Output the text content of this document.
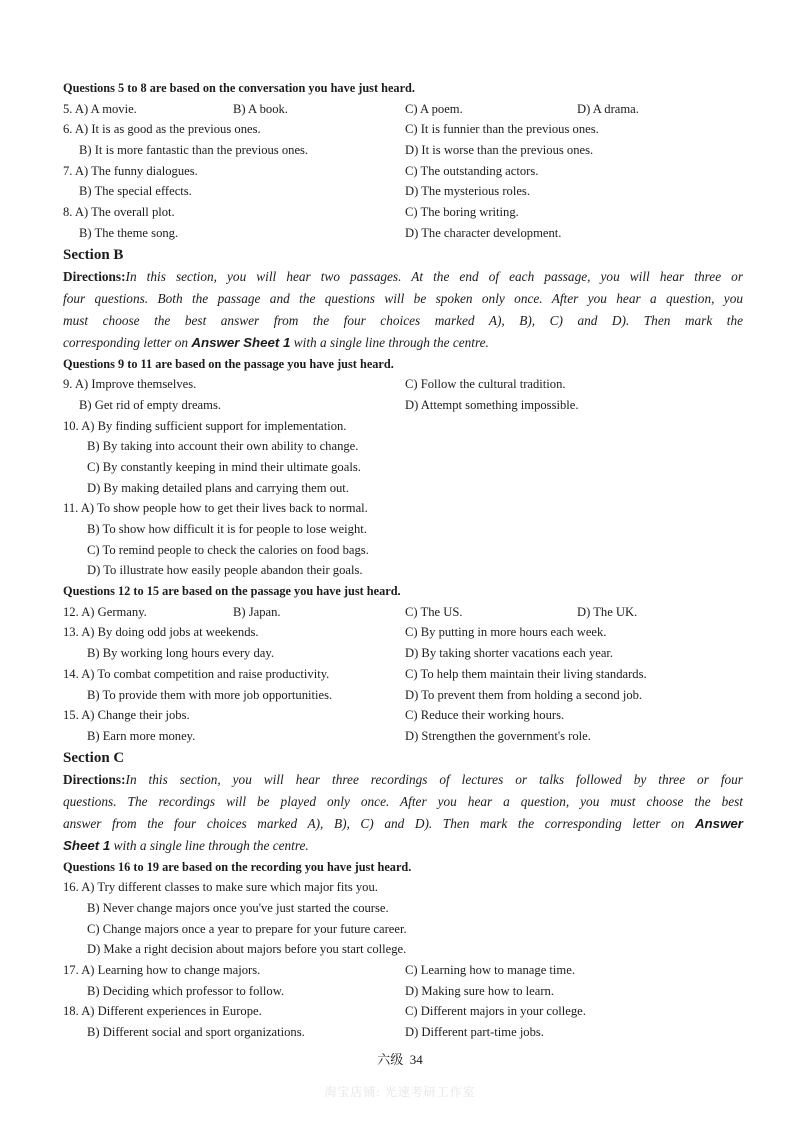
Questions 5 to 8 are based on the conversation you have just heard.
5. A) A movie.	B) A book.	C) A poem.	D) A drama.
6. A) It is as good as the previous ones.	C) It is funnier than the previous ones.
B) It is more fantastic than the previous ones.	D) It is worse than the previous ones.
7. A) The funny dialogues.	C) The outstanding actors.
B) The special effects.	D) The mysterious roles.
8. A) The overall plot.	C) The boring writing.
B) The theme song.	D) The character development.
Section B
Directions:In this section, you will hear two passages. At the end of each passage, you will hear three or
four questions. Both the passage and the questions will be spoken only once. After you hear a question, you
must choose the best answer from the four choices marked A), B), C) and D). Then mark the
corresponding letter on Answer Sheet 1 with a single line through the centre.
Questions 9 to 11 are based on the passage you have just heard.
9. A) Improve themselves.	C) Follow the cultural tradition.
B) Get rid of empty dreams.	D) Attempt something impossible.
10. A) By finding sufficient support for implementation.
B) By taking into account their own ability to change.
C) By constantly keeping in mind their ultimate goals.
D) By making detailed plans and carrying them out.
11. A) To show people how to get their lives back to normal.
B) To show how difficult it is for people to lose weight.
C) To remind people to check the calories on food bags.
D) To illustrate how easily people abandon their goals.
Questions 12 to 15 are based on the passage you have just heard.
12. A) Germany.	B) Japan.	C) The US.	D) The UK.
13. A) By doing odd jobs at weekends.	C) By putting in more hours each week.
B) By working long hours every day.	D) By taking shorter vacations each year.
14. A) To combat competition and raise productivity.	C) To help them maintain their living standards.
B) To provide them with more job opportunities.	D) To prevent them from holding a second job.
15. A) Change their jobs.	C) Reduce their working hours.
B) Earn more money.	D) Strengthen the government's role.
Section C
Directions:In this section, you will hear three recordings of lectures or talks followed by three or four
questions. The recordings will be played only once. After you hear a question, you must choose the best
answer from the four choices marked A), B), C) and D). Then mark the corresponding letter on Answer
Sheet 1 with a single line through the centre.
Questions 16 to 19 are based on the recording you have just heard.
16. A) Try different classes to make sure which major fits you.
B) Never change majors once you've just started the course.
C) Change majors once a year to prepare for your future career.
D) Make a right decision about majors before you start college.
17. A) Learning how to change majors.	C) Learning how to manage time.
B) Deciding which professor to follow.	D) Making sure how to learn.
18. A) Different experiences in Europe.	C) Different majors in your college.
B) Different social and sport organizations.	D) Different part-time jobs.
六级 34
淘宝店铺: 光速考研工作室
